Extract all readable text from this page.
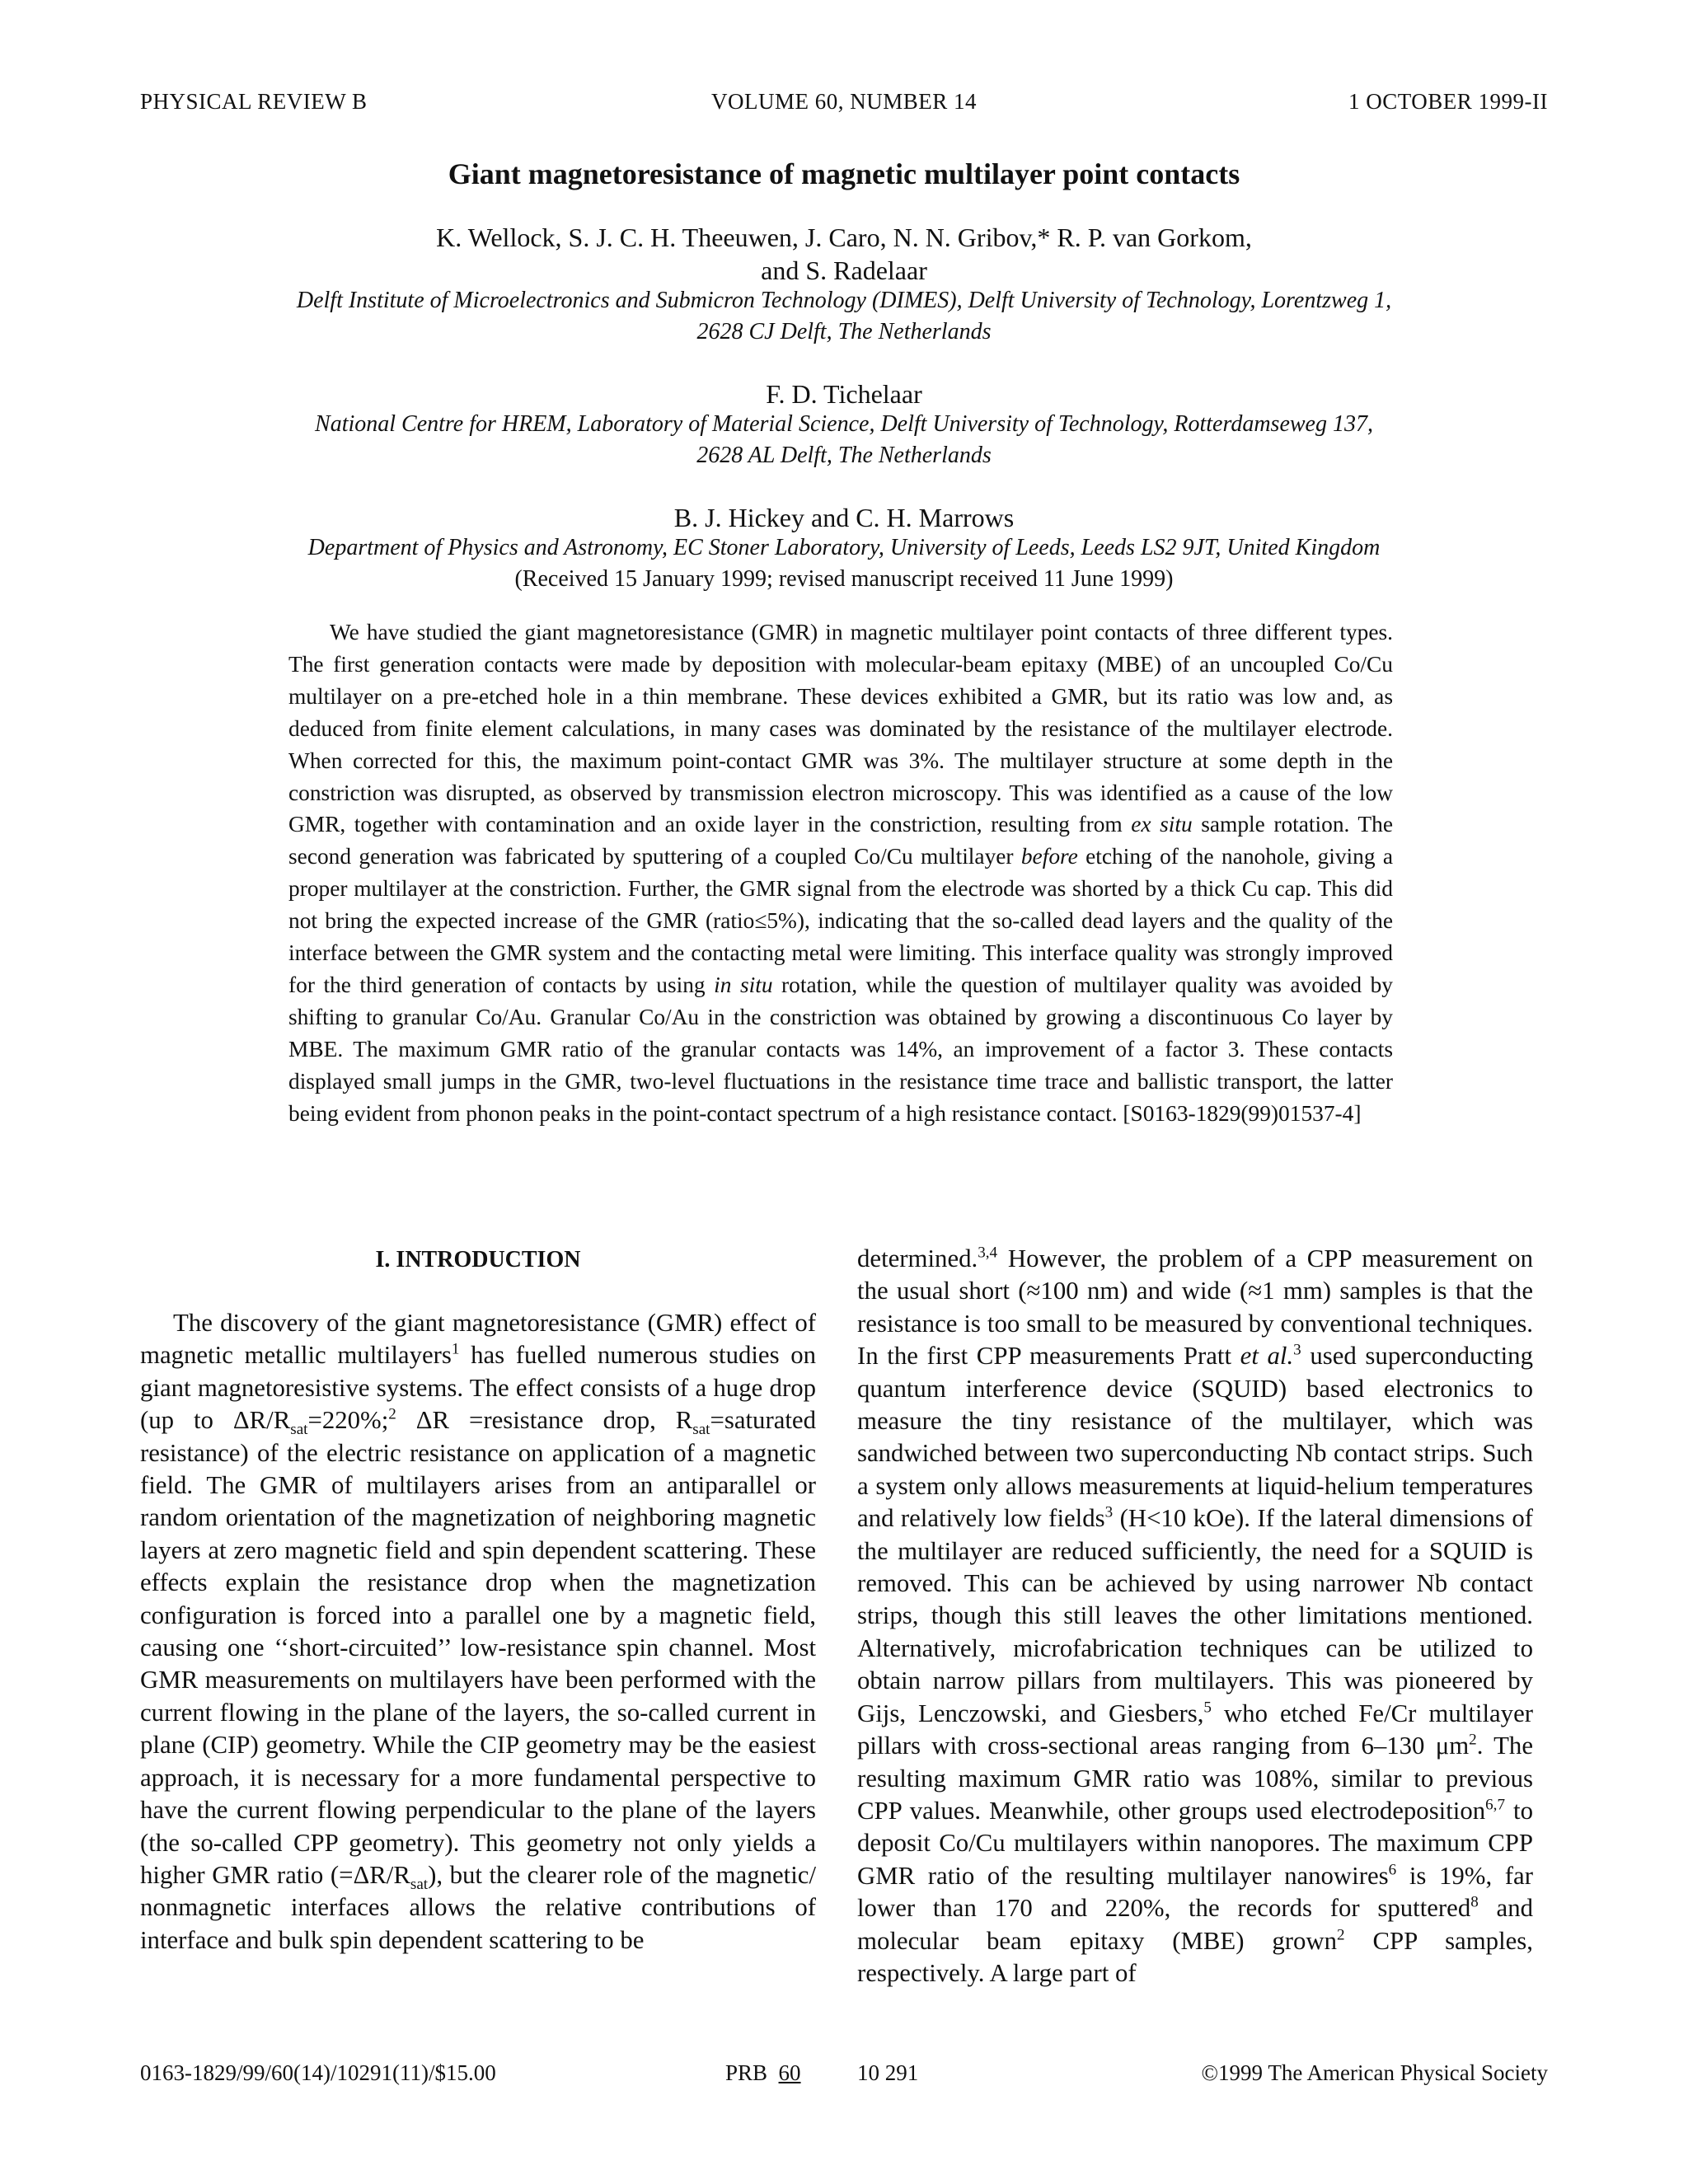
PHYSICAL REVIEW B	VOLUME 60, NUMBER 14	1 OCTOBER 1999-II
Giant magnetoresistance of magnetic multilayer point contacts
K. Wellock, S. J. C. H. Theeuwen, J. Caro, N. N. Gribov,* R. P. van Gorkom,
and S. Radelaar
Delft Institute of Microelectronics and Submicron Technology (DIMES), Delft University of Technology, Lorentzweg 1,
2628 CJ Delft, The Netherlands
F. D. Tichelaar
National Centre for HREM, Laboratory of Material Science, Delft University of Technology, Rotterdamseweg 137,
2628 AL Delft, The Netherlands
B. J. Hickey and C. H. Marrows
Department of Physics and Astronomy, EC Stoner Laboratory, University of Leeds, Leeds LS2 9JT, United Kingdom
(Received 15 January 1999; revised manuscript received 11 June 1999)
We have studied the giant magnetoresistance (GMR) in magnetic multilayer point contacts of three different types. The first generation contacts were made by deposition with molecular-beam epitaxy (MBE) of an uncoupled Co/Cu multilayer on a pre-etched hole in a thin membrane. These devices exhibited a GMR, but its ratio was low and, as deduced from finite element calculations, in many cases was dominated by the resistance of the multilayer electrode. When corrected for this, the maximum point-contact GMR was 3%. The multilayer structure at some depth in the constriction was disrupted, as observed by transmission electron microscopy. This was identified as a cause of the low GMR, together with contamination and an oxide layer in the constriction, resulting from ex situ sample rotation. The second generation was fabricated by sputtering of a coupled Co/Cu multilayer before etching of the nanohole, giving a proper multilayer at the constriction. Further, the GMR signal from the electrode was shorted by a thick Cu cap. This did not bring the expected increase of the GMR (ratio≤5%), indicating that the so-called dead layers and the quality of the interface between the GMR system and the contacting metal were limiting. This interface quality was strongly improved for the third generation of contacts by using in situ rotation, while the question of multilayer quality was avoided by shifting to granular Co/Au. Granular Co/Au in the constriction was obtained by growing a discontinuous Co layer by MBE. The maximum GMR ratio of the granular contacts was 14%, an improvement of a factor 3. These contacts displayed small jumps in the GMR, two-level fluctuations in the resistance time trace and ballistic transport, the latter being evident from phonon peaks in the point-contact spectrum of a high resistance contact. [S0163-1829(99)01537-4]
I. INTRODUCTION

The discovery of the giant magnetoresistance (GMR) effect of magnetic metallic multilayers$^1$ has fuelled numerous studies on giant magnetoresistive systems. The effect consists of a huge drop (up to $\Delta R/R_{sat}=220\%;^2$ ΔR =resistance drop, $R_{sat}=saturated$ resistance) of the electric resistance on application of a magnetic field. The GMR of multilayers arises from an antiparallel or random orientation of the magnetization of neighboring magnetic layers at zero magnetic field and spin dependent scattering. These effects explain the resistance drop when the magnetization configuration is forced into a parallel one by a magnetic field, causing one ‘‘short-circuited’’ low-resistance spin channel. Most GMR measurements on multilayers have been performed with the current flowing in the plane of the layers, the so-called current in plane (CIP) geometry. While the CIP geometry may be the easiest approach, it is necessary for a more fundamental perspective to have the current flowing perpendicular to the plane of the layers (the so-called CPP geometry). This geometry not only yields a higher GMR ratio $(=\Delta R/R_{sat})$, but the clearer role of the magnetic/ nonmagnetic interfaces allows the relative contributions of interface and bulk spin dependent scattering to be

determined.$^{3,4}$ However, the problem of a CPP measurement on the usual short (≈100 nm) and wide (≈1 mm) samples is that the resistance is too small to be measured by conventional techniques. In the first CPP measurements Pratt et al.$^3$ used superconducting quantum interference device (SQUID) based electronics to measure the tiny resistance of the multilayer, which was sandwiched between two superconducting Nb contact strips. Such a system only allows measurements at liquid-helium temperatures and relatively low fields$^3$ (H<10 kOe). If the lateral dimensions of the multilayer are reduced sufficiently, the need for a SQUID is removed. This can be achieved by using narrower Nb contact strips, though this still leaves the other limitations mentioned. Alternatively, microfabrication techniques can be utilized to obtain narrow pillars from multilayers. This was pioneered by Gijs, Lenczowski, and Giesbers,$^5$ who etched Fe/Cr multilayer pillars with cross-sectional areas ranging from 6–130 $\mu m^2$. The resulting maximum GMR ratio was 108%, similar to previous CPP values. Meanwhile, other groups used electrodeposition$^{6,7}$ to deposit Co/Cu multilayers within nanopores. The maximum CPP GMR ratio of the resulting multilayer nanowires$^6$ is 19%, far lower than 170 and 220%, the records for sputtered$^8$ and molecular beam epitaxy (MBE) grown$^2$ CPP samples, respectively. A large part of

0163-1829/99/60(14)/10291(11)/$15.00	PRB 60	10 291	©1999 The American Physical Society
